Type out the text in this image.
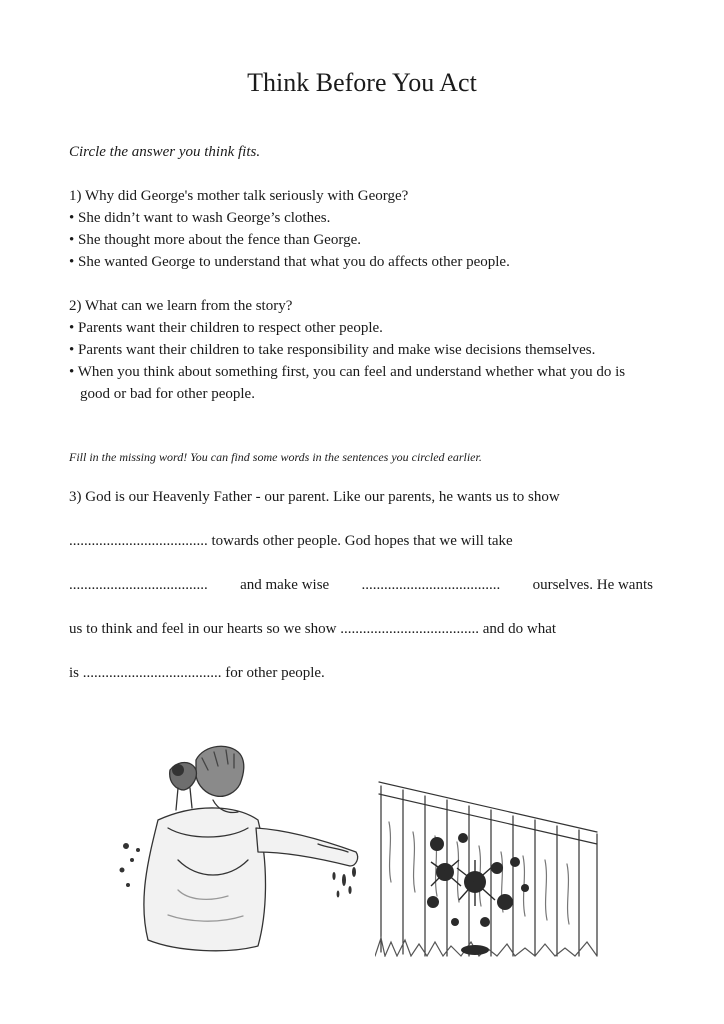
Think Before You Act
Circle the answer you think fits.

1) Why did George's mother talk seriously with George?

• She didn’t want to wash George’s clothes.

• She thought more about the fence than George.

• She wanted George to understand that what you do affects other people.

2) What can we learn from the story?

• Parents want their children to respect other people.

• Parents want their children to take responsibility and make wise decisions themselves.

• When you think about something first, you can feel and understand whether what you do is good or bad for other people.

Fill in the missing word! You can find some words in the sentences you circled earlier.
3) God is our Heavenly Father - our parent. Like our parents, he wants us to show
..................................... towards other people. God hopes that we will take
..................................... and make wise ..................................... ourselves. He wants
us to think and feel in our hearts so we show ..................................... and do what
is ..................................... for other people.
